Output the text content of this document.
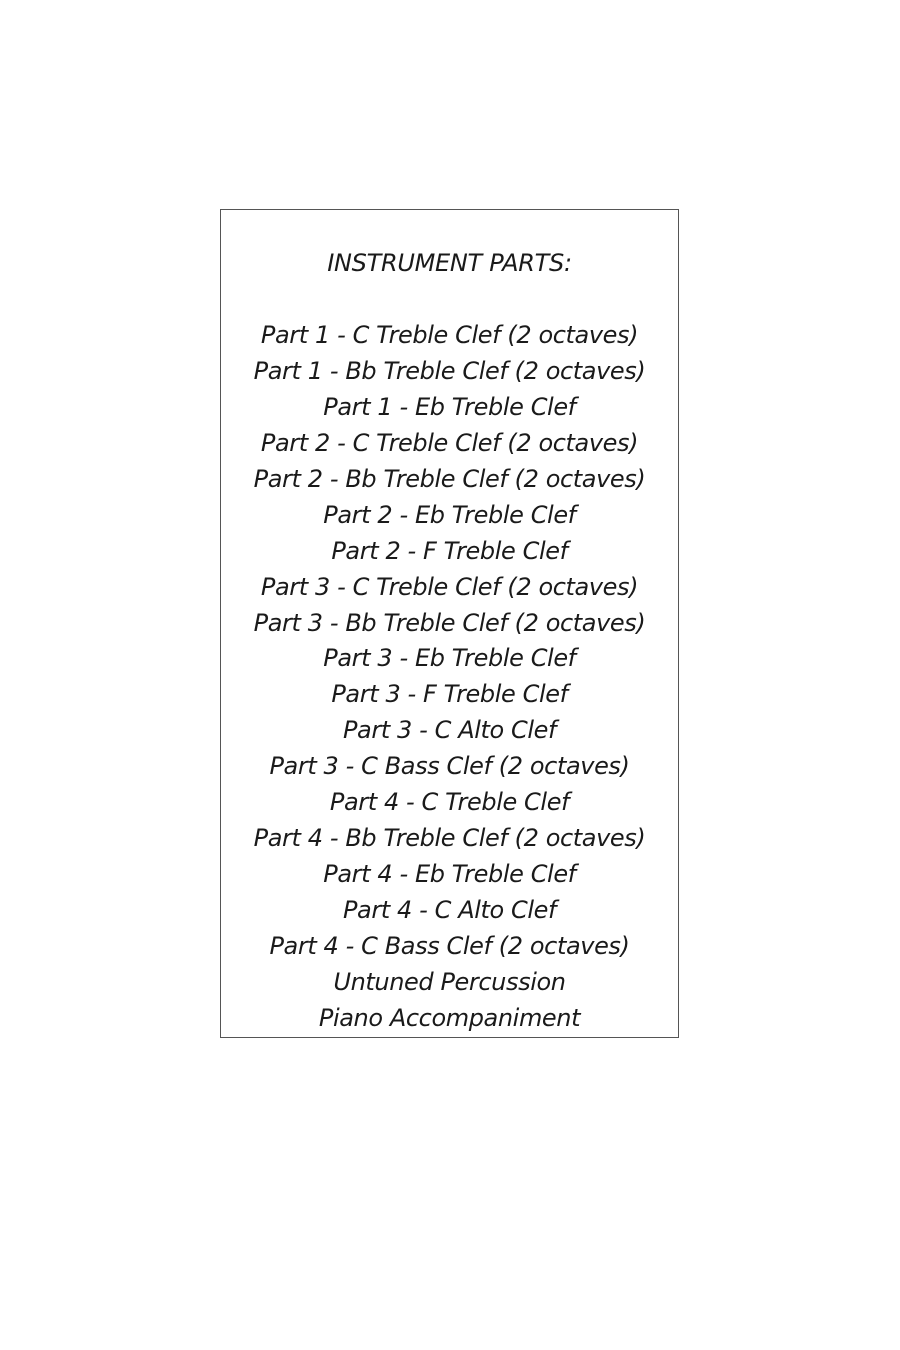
INSTRUMENT PARTS:
Part 1 - C Treble Clef (2 octaves)
Part 1 - Bb Treble Clef (2 octaves)
Part 1 - Eb Treble Clef
Part 2 - C Treble Clef (2 octaves)
Part 2 - Bb Treble Clef (2 octaves)
Part 2 - Eb Treble Clef
Part 2 - F Treble Clef
Part 3 - C Treble Clef (2 octaves)
Part 3 - Bb Treble Clef (2 octaves)
Part 3 - Eb Treble Clef
Part 3 - F Treble Clef
Part 3 - C Alto Clef
Part 3 - C Bass Clef (2 octaves)
Part 4 - C Treble Clef
Part 4 - Bb Treble Clef (2 octaves)
Part 4 - Eb Treble Clef
Part 4 - C Alto Clef
Part 4 - C Bass Clef (2 octaves)
Untuned Percussion
Piano Accompaniment
